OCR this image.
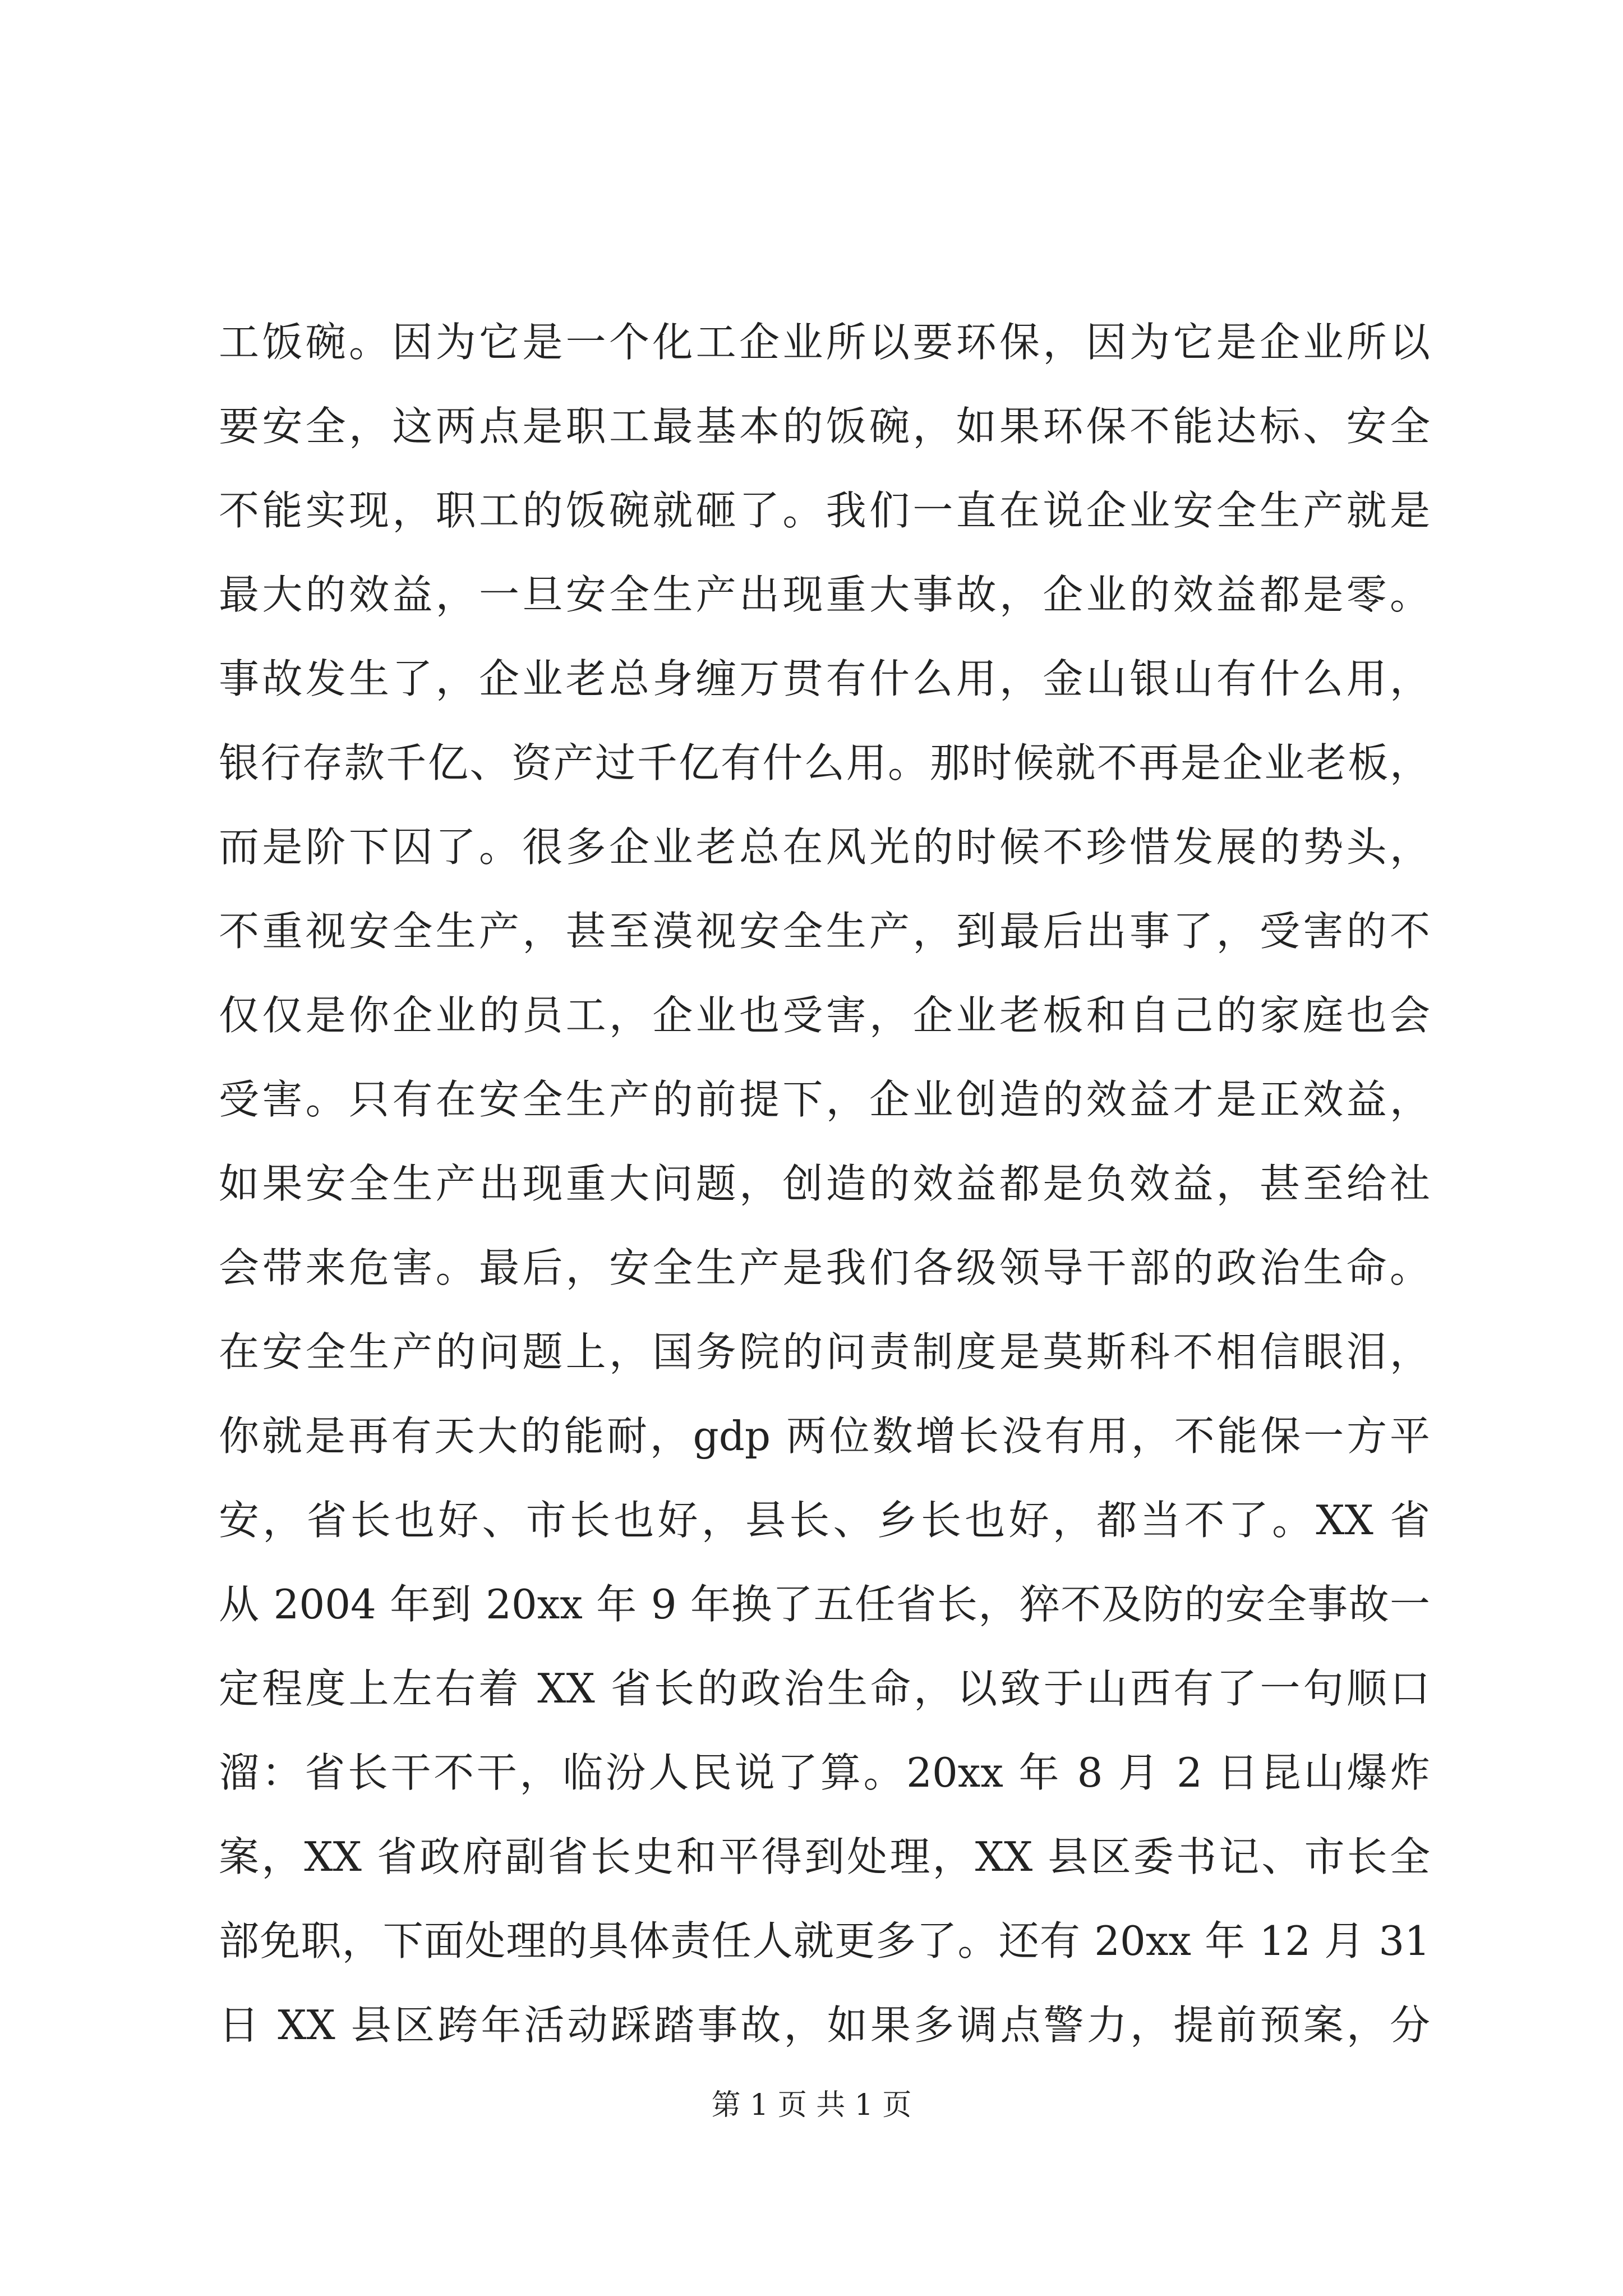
工饭碗。因为它是一个化工企业所以要环保，因为它是企业所以
要安全，这两点是职工最基本的饭碗，如果环保不能达标、安全
不能实现，职工的饭碗就砸了。我们一直在说企业安全生产就是
最大的效益，一旦安全生产出现重大事故，企业的效益都是零。
事故发生了，企业老总身缠万贯有什么用，金山银山有什么用，
银行存款千亿、资产过千亿有什么用。那时候就不再是企业老板，
而是阶下囚了。很多企业老总在风光的时候不珍惜发展的势头，
不重视安全生产，甚至漠视安全生产，到最后出事了，受害的不
仅仅是你企业的员工，企业也受害，企业老板和自己的家庭也会
受害。只有在安全生产的前提下，企业创造的效益才是正效益，
如果安全生产出现重大问题，创造的效益都是负效益，甚至给社
会带来危害。最后，安全生产是我们各级领导干部的政治生命。
在安全生产的问题上，国务院的问责制度是莫斯科不相信眼泪，
你就是再有天大的能耐，gdp 两位数增长没有用，不能保一方平
安，省长也好、市长也好，县长、乡长也好，都当不了。XX 省
从 2004 年到 20xx 年 9 年换了五任省长，猝不及防的安全事故一
定程度上左右着 XX 省长的政治生命，以致于山西有了一句顺口
溜：省长干不干，临汾人民说了算。20xx 年 8 月 2 日昆山爆炸
案，XX 省政府副省长史和平得到处理，XX 县区委书记、市长全
部免职，下面处理的具体责任人就更多了。还有 20xx 年 12 月 31
日 XX 县区跨年活动踩踏事故，如果多调点警力，提前预案，分
第 1 页 共 1 页
